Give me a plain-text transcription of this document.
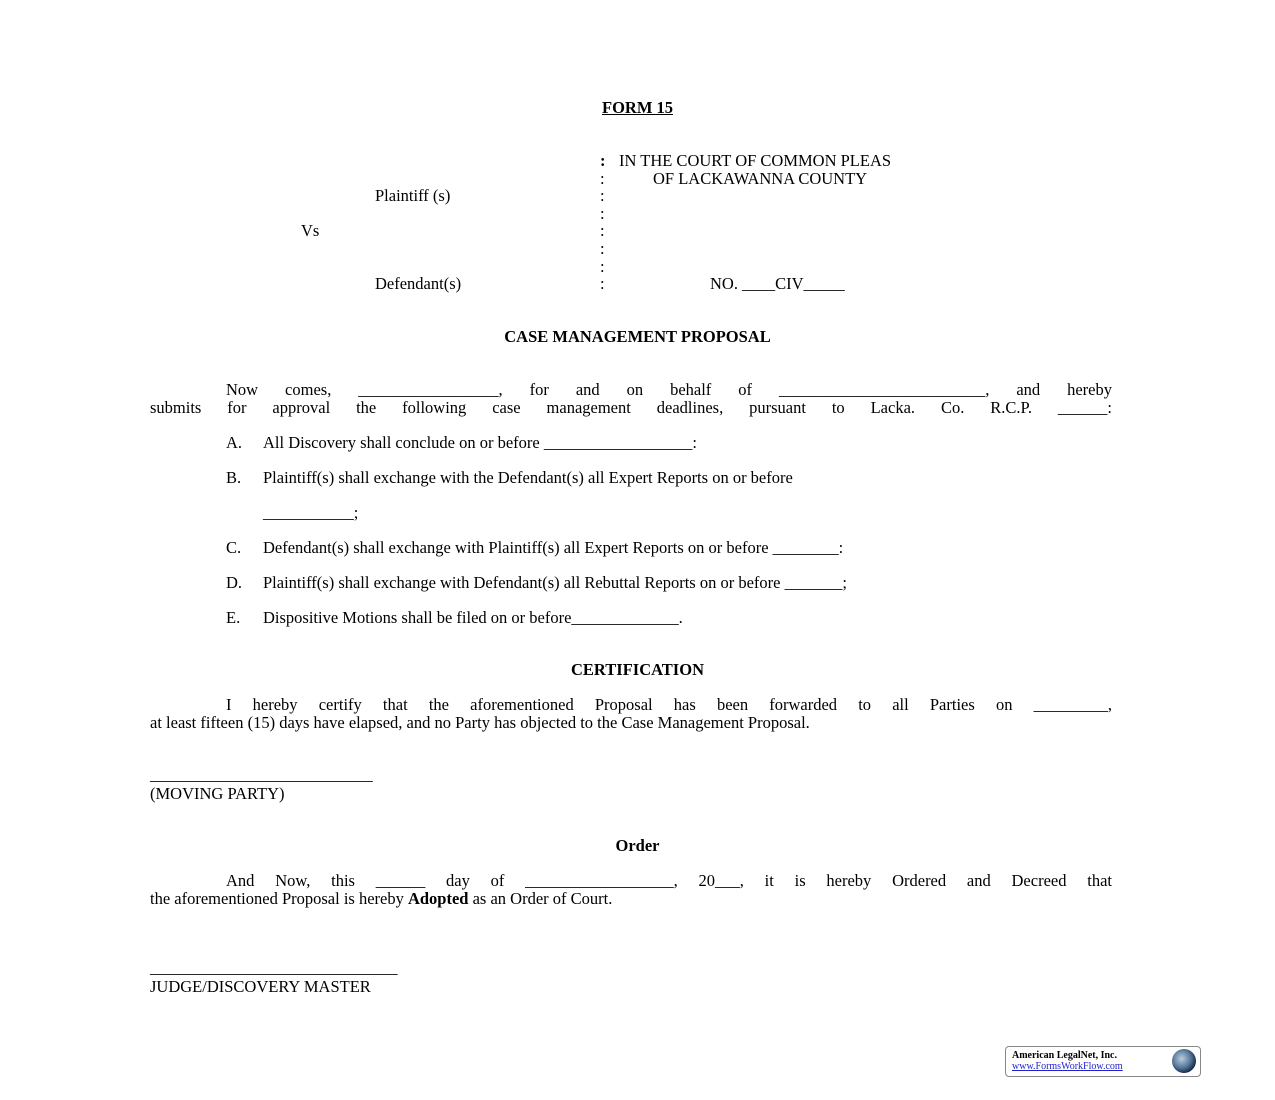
FORM 15
:
:
:
:
:
:
:
:
IN THE COURT OF COMMON PLEAS
OF LACKAWANNA COUNTY
Plaintiff (s)
Vs
Defendant(s)	NO. ____CIV_____
CASE MANAGEMENT PROPOSAL
Now comes, _________________, for and on behalf of _________________________, and hereby
submits for approval the following case management deadlines, pursuant to Lacka. Co. R.C.P. ______:
A. All Discovery shall conclude on or before __________________:
B. Plaintiff(s) shall exchange with the Defendant(s) all Expert Reports on or before
___________;
C. Defendant(s) shall exchange with Plaintiff(s) all Expert Reports on or before ________:
D. Plaintiff(s) shall exchange with Defendant(s) all Rebuttal Reports on or before _______;
E. Dispositive Motions shall be filed on or before_____________.
CERTIFICATION
I hereby certify that the aforementioned Proposal has been forwarded to all Parties on _________,
at least fifteen (15) days have elapsed, and no Party has objected to the Case Management Proposal.
___________________________
(MOVING PARTY)
Order
And Now, this ______ day of __________________, 20___, it is hereby Ordered and Decreed that
the aforementioned Proposal is hereby Adopted as an Order of Court.
______________________________
JUDGE/DISCOVERY MASTER
American LegalNet, Inc.
www.FormsWorkFlow.com
